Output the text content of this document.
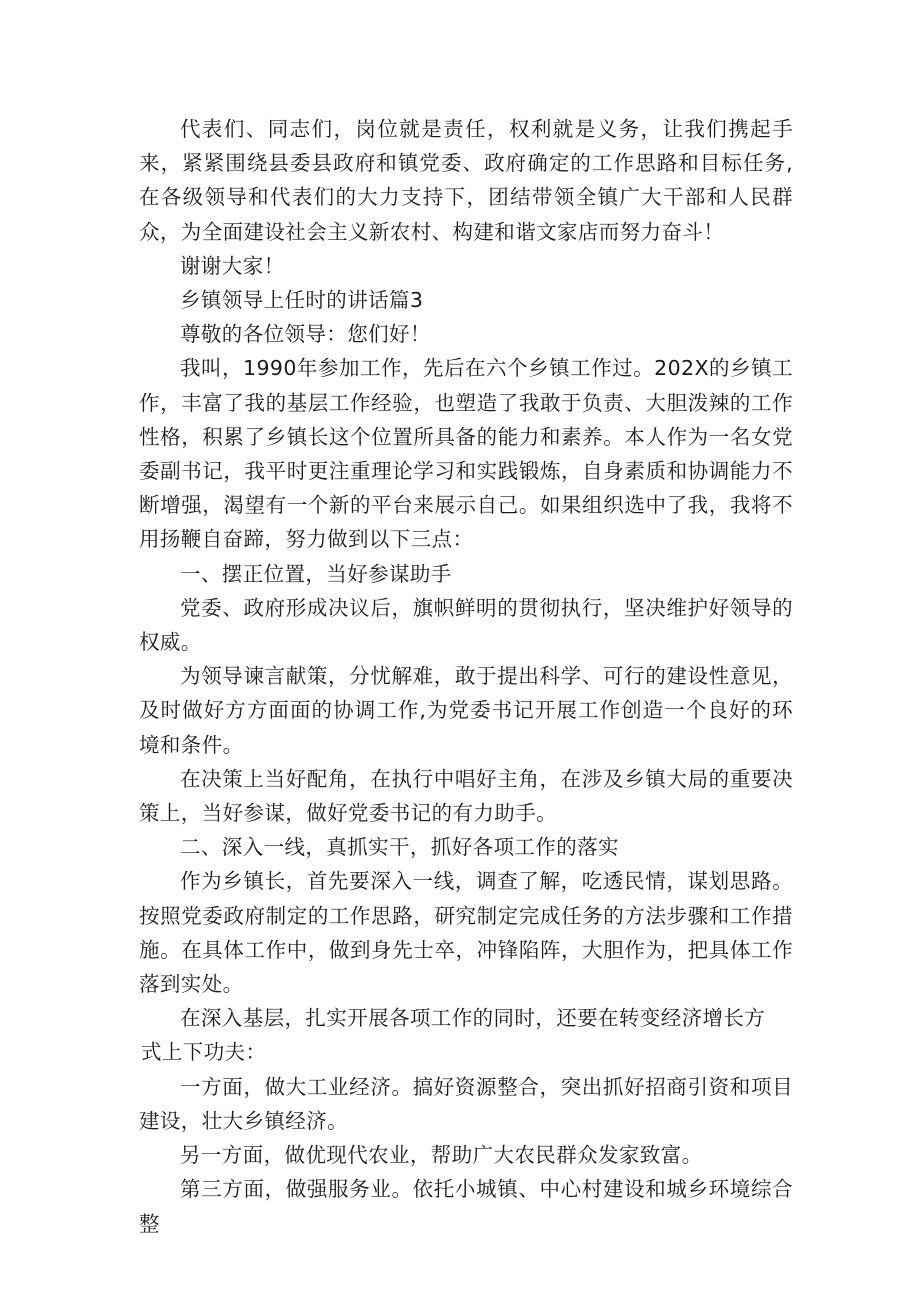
代表们、同志们，岗位就是责任，权利就是义务，让我们携起手来，紧紧围绕县委县政府和镇党委、政府确定的工作思路和目标任务,在各级领导和代表们的大力支持下，团结带领全镇广大干部和人民群众，为全面建设社会主义新农村、构建和谐文家店而努力奋斗！

谢谢大家！

乡镇领导上任时的讲话篇3

尊敬的各位领导：您们好！

我叫，1990年参加工作，先后在六个乡镇工作过。202X的乡镇工作，丰富了我的基层工作经验，也塑造了我敢于负责、大胆泼辣的工作性格，积累了乡镇长这个位置所具备的能力和素养。本人作为一名女党委副书记，我平时更注重理论学习和实践锻炼，自身素质和协调能力不断增强，渴望有一个新的平台来展示自己。如果组织选中了我，我将不用扬鞭自奋蹄，努力做到以下三点：

一、摆正位置，当好参谋助手

党委、政府形成决议后，旗帜鲜明的贯彻执行，坚决维护好领导的权威。

为领导谏言献策，分忧解难，敢于提出科学、可行的建设性意见，及时做好方方面面的协调工作,为党委书记开展工作创造一个良好的环境和条件。

在决策上当好配角，在执行中唱好主角，在涉及乡镇大局的重要决策上，当好参谋，做好党委书记的有力助手。

二、深入一线，真抓实干，抓好各项工作的落实

作为乡镇长，首先要深入一线，调查了解，吃透民情，谋划思路。按照党委政府制定的工作思路，研究制定完成任务的方法步骤和工作措施。在具体工作中，做到身先士卒，冲锋陷阵，大胆作为，把具体工作落到实处。

在深入基层，扎实开展各项工作的同时，还要在转变经济增长方

式上下功夫：

一方面，做大工业经济。搞好资源整合，突出抓好招商引资和项目建设，壮大乡镇经济。

另一方面，做优现代农业，帮助广大农民群众发家致富。

第三方面，做强服务业。依托小城镇、中心村建设和城乡环境综合整
